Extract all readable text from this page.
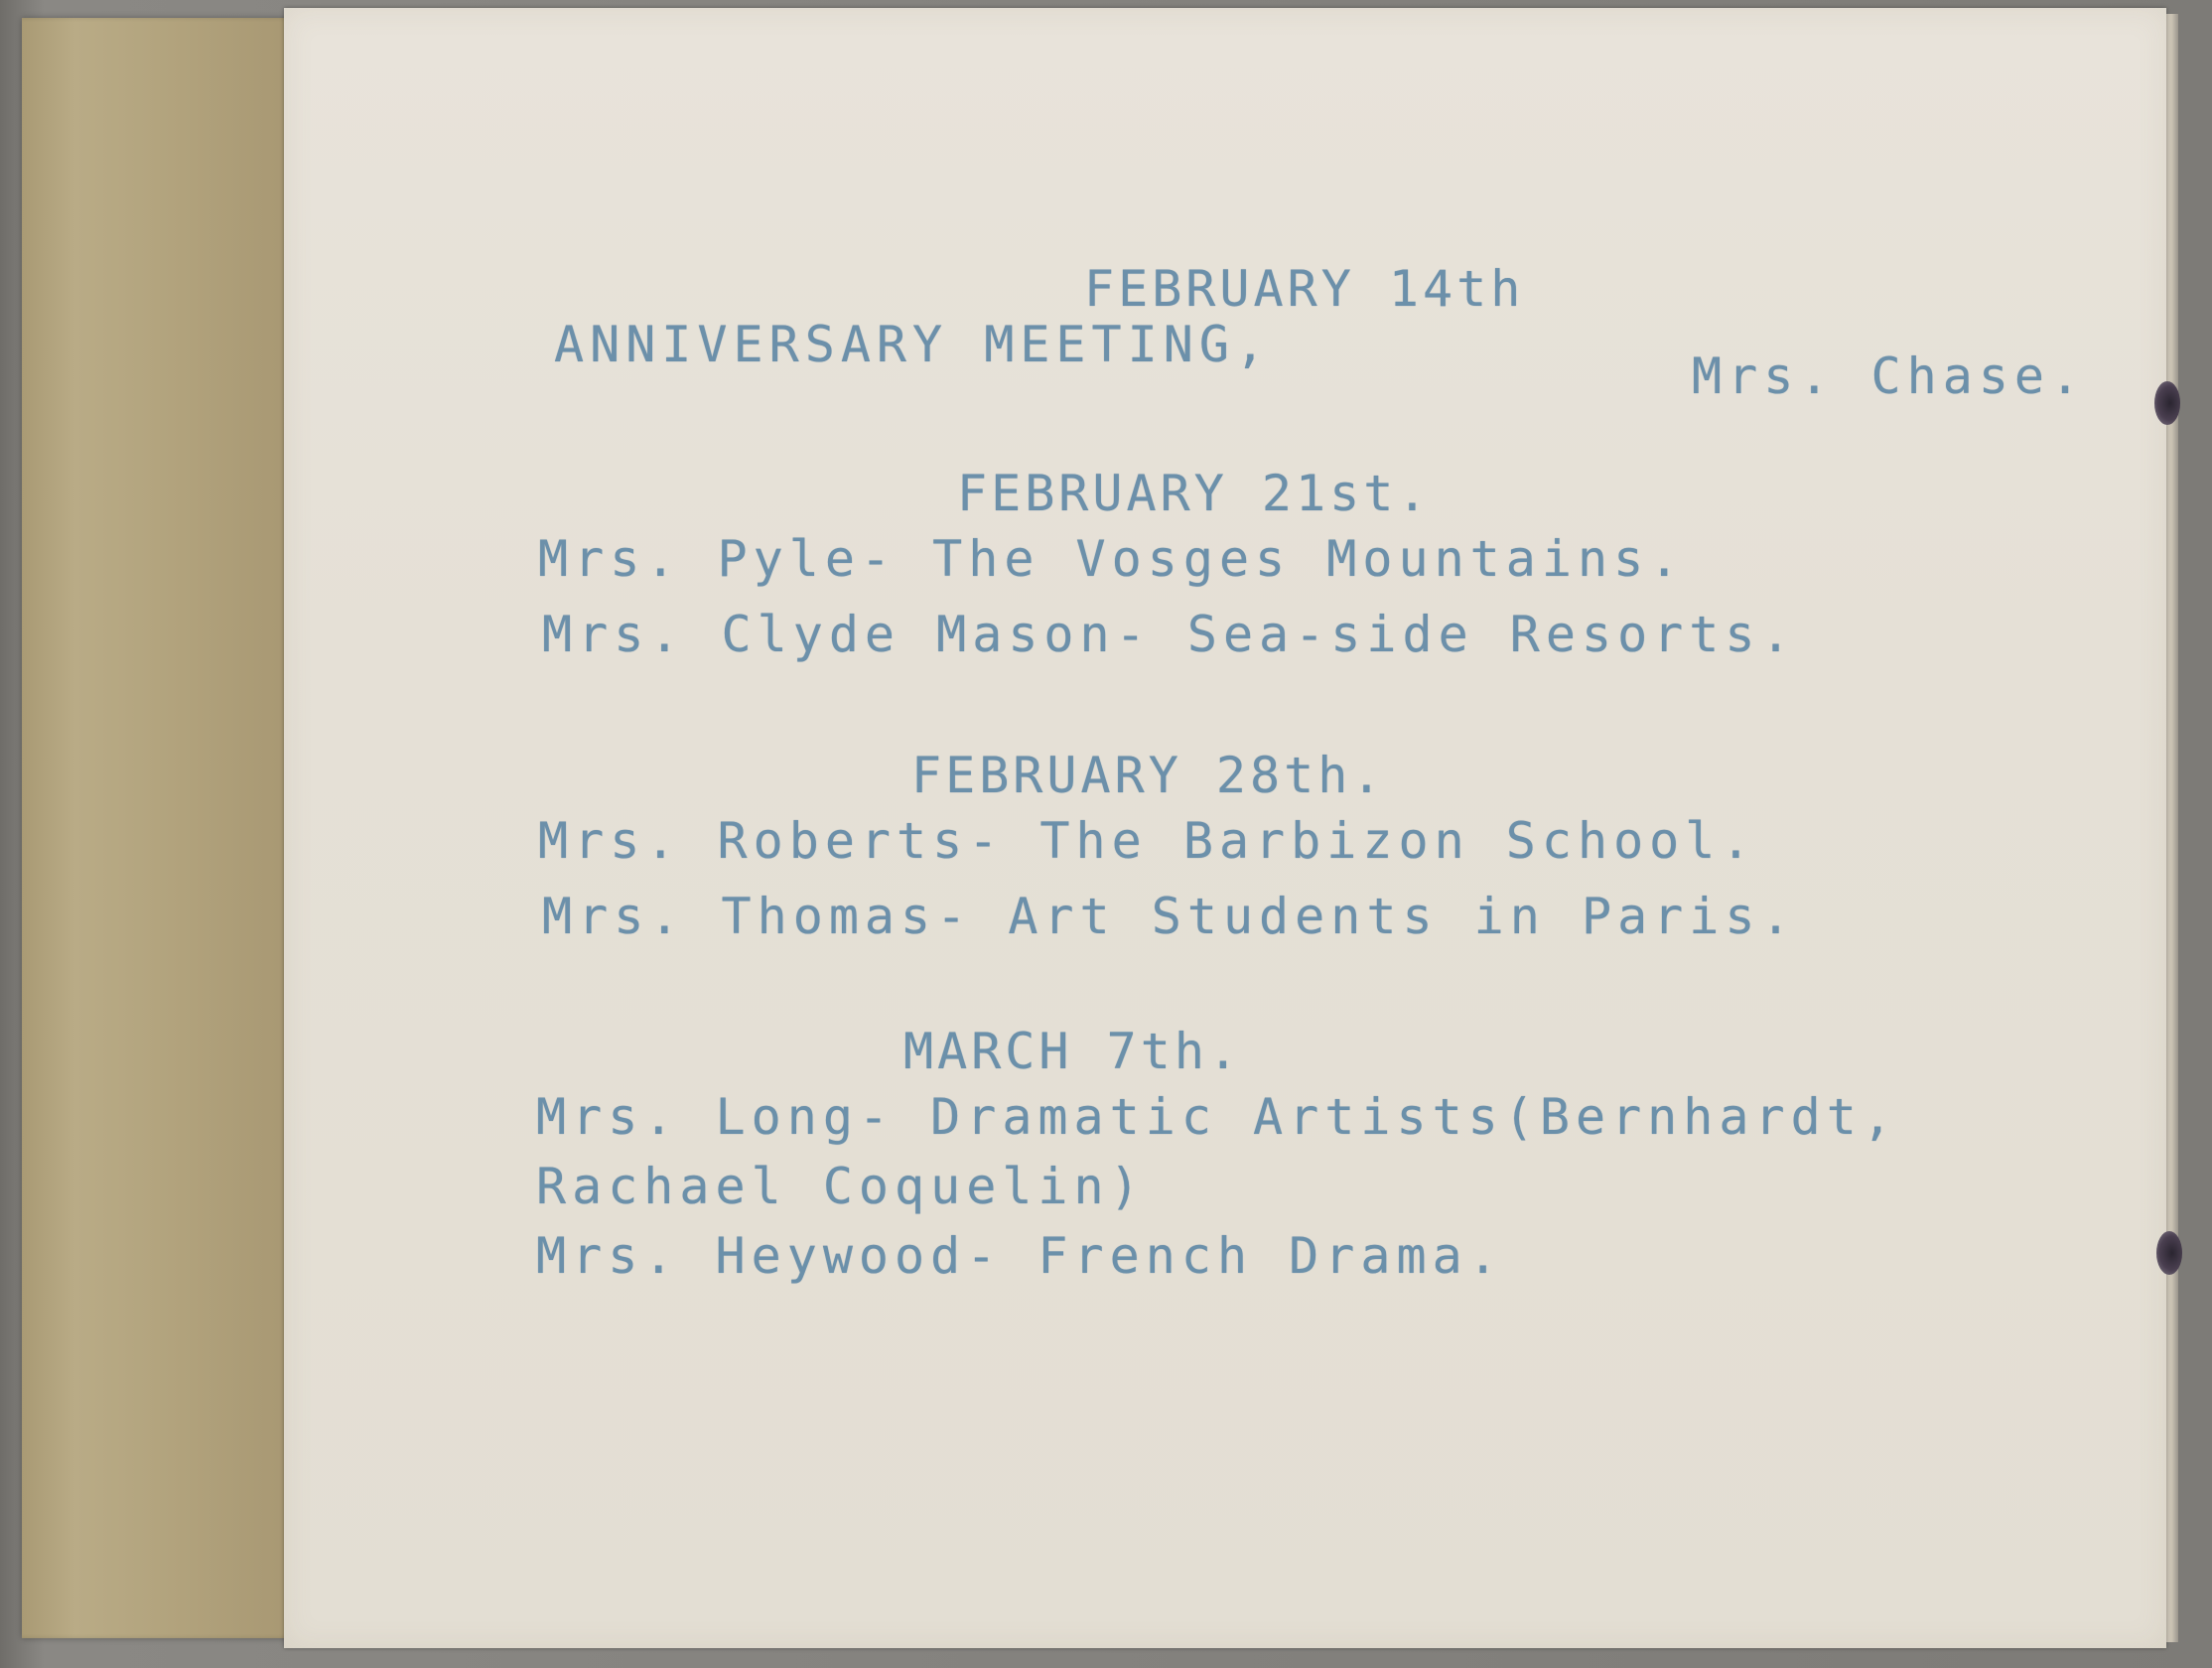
FEBRUARY 14th
ANNIVERSARY MEETING,
Mrs. Chase.
FEBRUARY 21st.
Mrs. Pyle- The Vosges Mountains.
Mrs. Clyde Mason- Sea-side Resorts.
FEBRUARY 28th.
Mrs. Roberts- The Barbizon School.
Mrs. Thomas- Art Students in Paris.
MARCH 7th.
Mrs. Long- Dramatic Artists(Bernhardt,
Rachael Coquelin)
Mrs. Heywood- French Drama.
